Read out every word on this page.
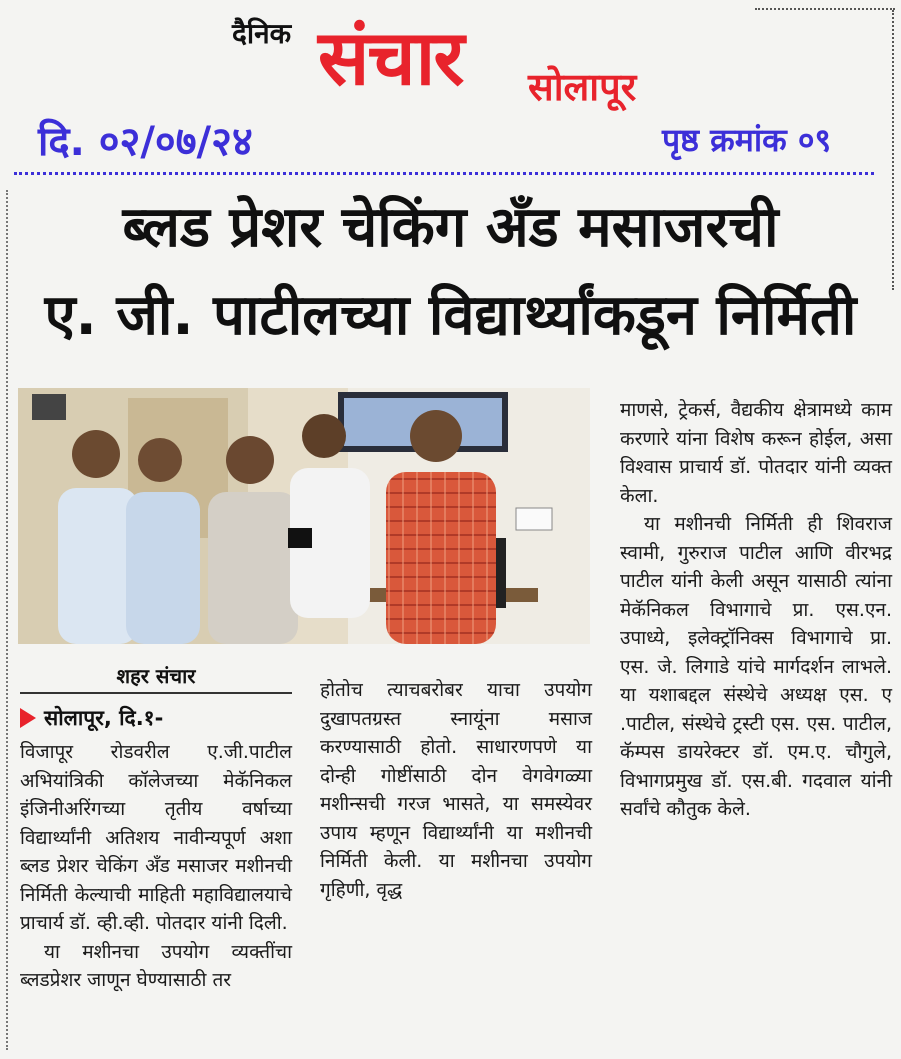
दैनिक संचार सोलापूर
दि. ०२/०७/२४	पृष्ठ क्रमांक ०९
ब्लड प्रेशर चेकिंग अँड मसाजरची
ए. जी. पाटीलच्या विद्यार्थ्यांकडून निर्मिती
शहर संचार
सोलापूर, दि.१-

विजापूर रोडवरील ए.जी.पाटील अभियांत्रिकी कॉलेजच्या मेकॅनिकल इंजिनीअरिंगच्या तृतीय वर्षाच्या विद्यार्थ्यांनी अतिशय नावीन्यपूर्ण अशा ब्लड प्रेशर चेकिंग अँड मसाजर मशीनची निर्मिती केल्याची माहिती महाविद्यालयाचे प्राचार्य डॉ. व्ही.व्ही. पोतदार यांनी दिली.

या मशीनचा उपयोग व्यक्तींचा ब्लडप्रेशर जाणून घेण्यासाठी तर

होतोच त्याचबरोबर याचा उपयोग दुखापतग्रस्त स्नायूंना मसाज करण्यासाठी होतो. साधारणपणे या दोन्ही गोष्टींसाठी दोन वेगवेगळ्या मशीन्सची गरज भासते, या समस्येवर उपाय म्हणून विद्यार्थ्यांनी या मशीनची निर्मिती केली. या मशीनचा उपयोग गृहिणी, वृद्ध

माणसे, ट्रेकर्स, वैद्यकीय क्षेत्रामध्ये काम करणारे यांना विशेष करून होईल, असा विश्वास प्राचार्य डॉ. पोतदार यांनी व्यक्त केला.

या मशीनची निर्मिती ही शिवराज स्वामी, गुरुराज पाटील आणि वीरभद्र पाटील यांनी केली असून यासाठी त्यांना मेकॅनिकल विभागाचे प्रा. एस.एन. उपाध्ये, इलेक्ट्रॉनिक्स विभागाचे प्रा. एस. जे. लिगाडे यांचे मार्गदर्शन लाभले. या यशाबद्दल संस्थेचे अध्यक्ष एस. ए .पाटील, संस्थेचे ट्रस्टी एस. एस. पाटील, कॅम्पस डायरेक्टर डॉ. एम.ए. चौगुले, विभागप्रमुख डॉ. एस.बी. गदवाल यांनी सर्वांचे कौतुक केले.
